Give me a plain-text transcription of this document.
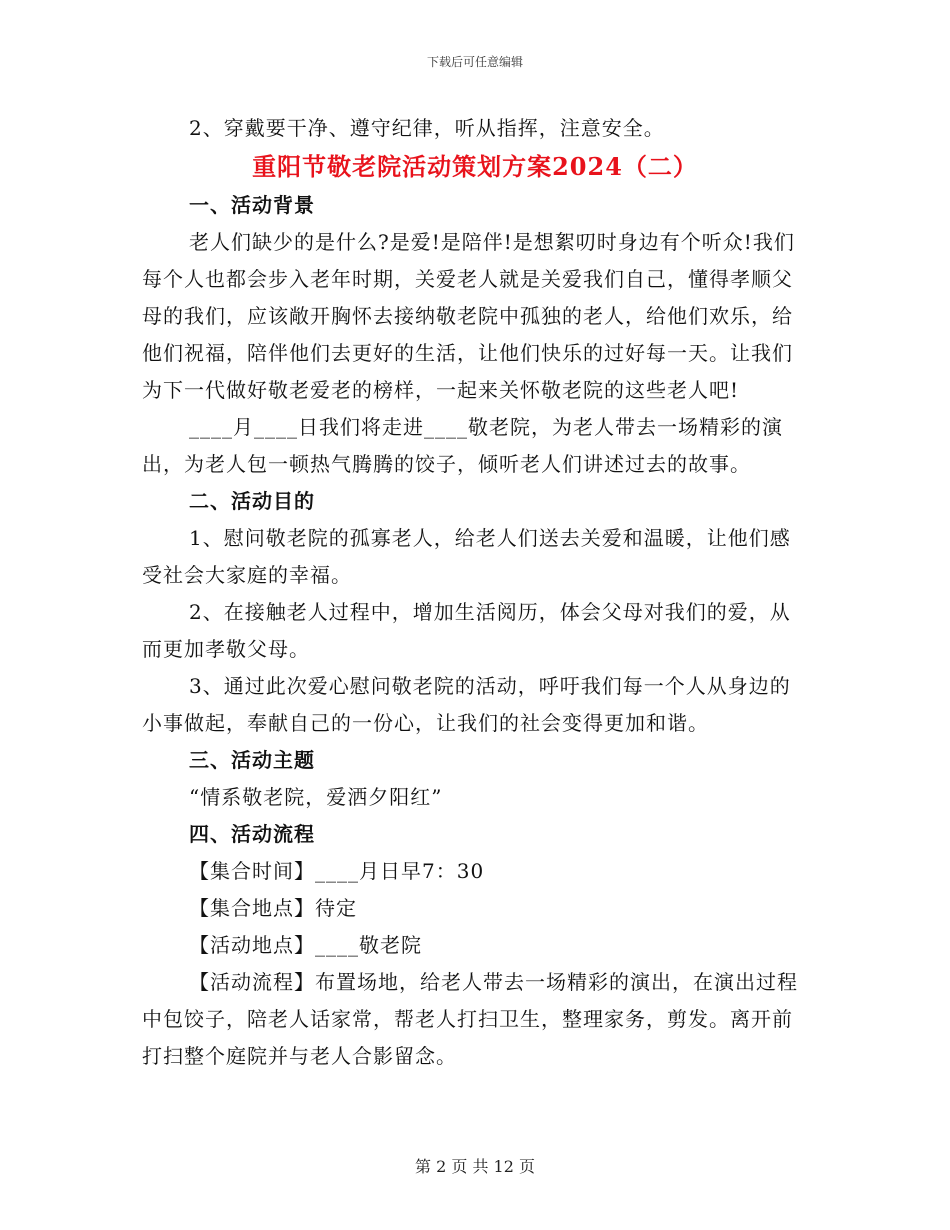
下载后可任意编辑

2、穿戴要干净、遵守纪律，听从指挥，注意安全。

重阳节敬老院活动策划方案2024（二）
一、活动背景

老人们缺少的是什么?是爱!是陪伴!是想絮叨时身边有个听众!我们每个人也都会步入老年时期，关爱老人就是关爱我们自己，懂得孝顺父母的我们，应该敞开胸怀去接纳敬老院中孤独的老人，给他们欢乐，给他们祝福，陪伴他们去更好的生活，让他们快乐的过好每一天。让我们为下一代做好敬老爱老的榜样，一起来关怀敬老院的这些老人吧!

____月____日我们将走进____敬老院，为老人带去一场精彩的演出，为老人包一顿热气腾腾的饺子，倾听老人们讲述过去的故事。

二、活动目的

1、慰问敬老院的孤寡老人，给老人们送去关爱和温暖，让他们感受社会大家庭的幸福。

2、在接触老人过程中，增加生活阅历，体会父母对我们的爱，从而更加孝敬父母。

3、通过此次爱心慰问敬老院的活动，呼吁我们每一个人从身边的小事做起，奉献自己的一份心，让我们的社会变得更加和谐。

三、活动主题

“情系敬老院，爱洒夕阳红”

四、活动流程

【集合时间】____月日早7：30

【集合地点】待定

【活动地点】____敬老院

【活动流程】布置场地，给老人带去一场精彩的演出，在演出过程中包饺子，陪老人话家常，帮老人打扫卫生，整理家务，剪发。离开前打扫整个庭院并与老人合影留念。

第 2 页 共 12 页
